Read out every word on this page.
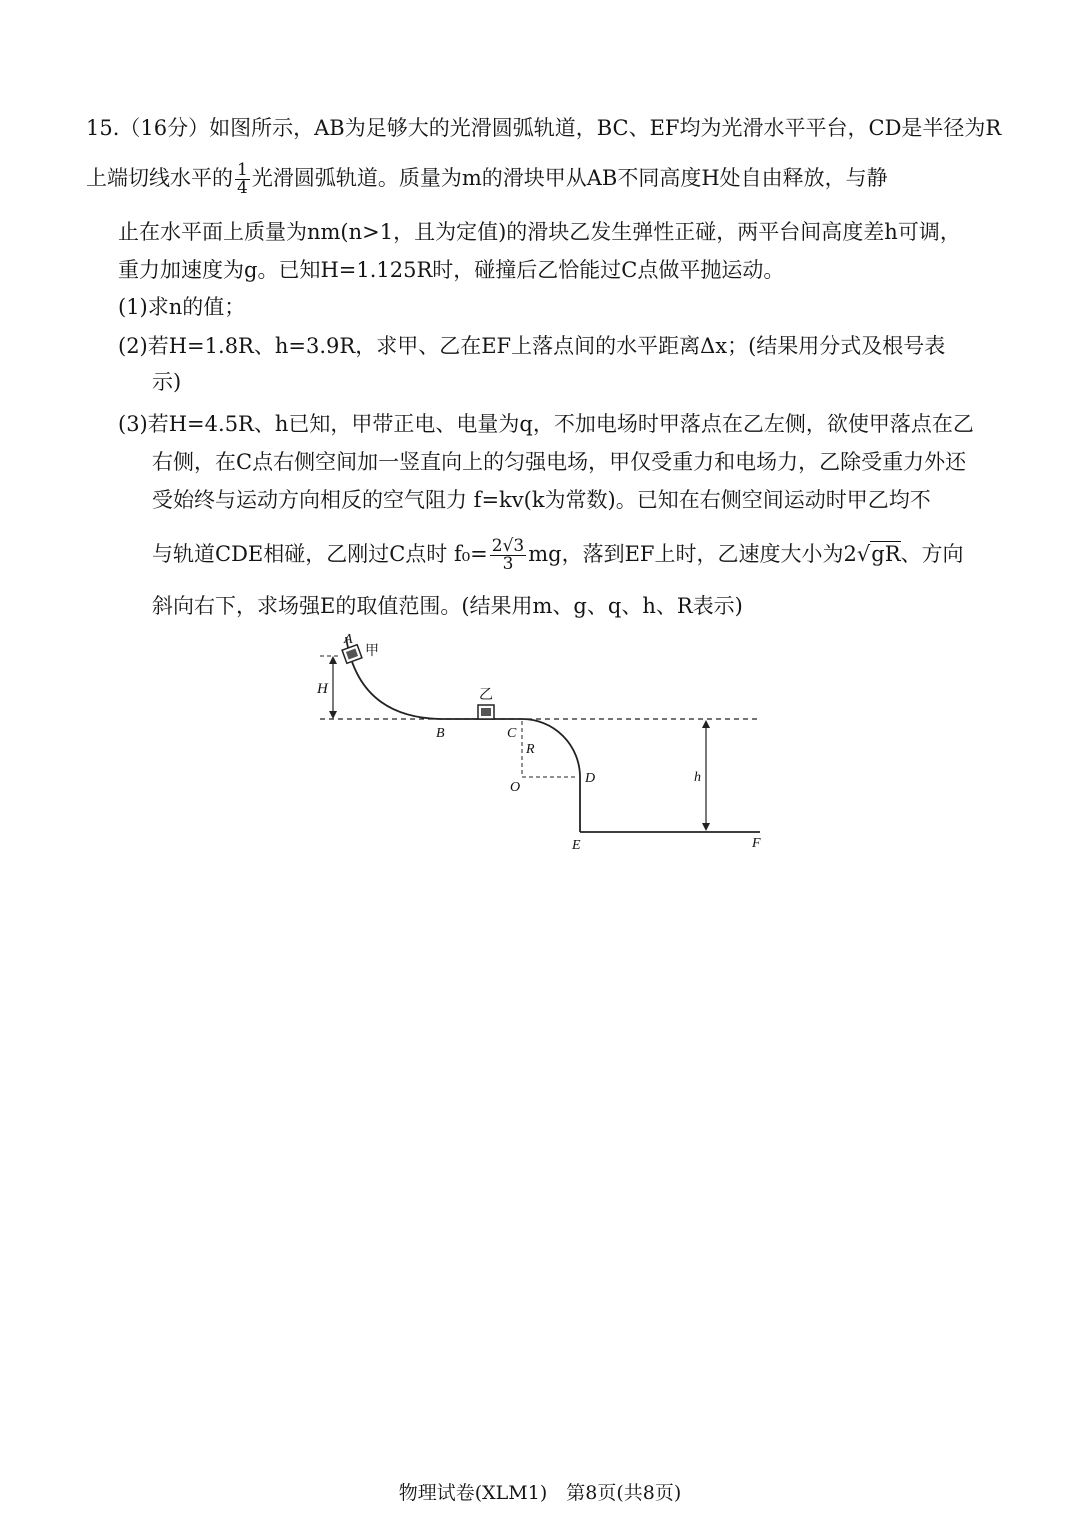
15.（16分）如图所示，AB为足够大的光滑圆弧轨道，BC、EF均为光滑水平平台，CD是半径为R
上端切线水平的 $\frac{1}{4}$ 光滑圆弧轨道。质量为m的滑块甲从AB不同高度H处自由释放，与静
止在水平面上质量为nm(n>1，且为定值)的滑块乙发生弹性正碰，两平台间高度差h可调，
重力加速度为g。已知H=1.125R时，碰撞后乙恰能过C点做平抛运动。
(1)求n的值；
(2)若H=1.8R、h=3.9R，求甲、乙在EF上落点间的水平距离Δx；(结果用分式及根号表
示)
(3)若H=4.5R、h已知，甲带正电、电量为q，不加电场时甲落点在乙左侧，欲使甲落点在乙
右侧，在C点右侧空间加一竖直向上的匀强电场，甲仅受重力和电场力，乙除受重力外还
受始终与运动方向相反的空气阻力 f=kv(k为常数)。已知在右侧空间运动时甲乙均不
与轨道CDE相碰，乙刚过C点时 $f_0= \frac{2√3}{3}$ mg，落到EF上时，乙速度大小为2√gR、方向
斜向右下，求场强E的取值范围。(结果用m、g、q、h、R表示)
H
A
甲
乙
B	C
R
O
D	h
E	F
物理试卷(XLM1)　第8页(共8页)
